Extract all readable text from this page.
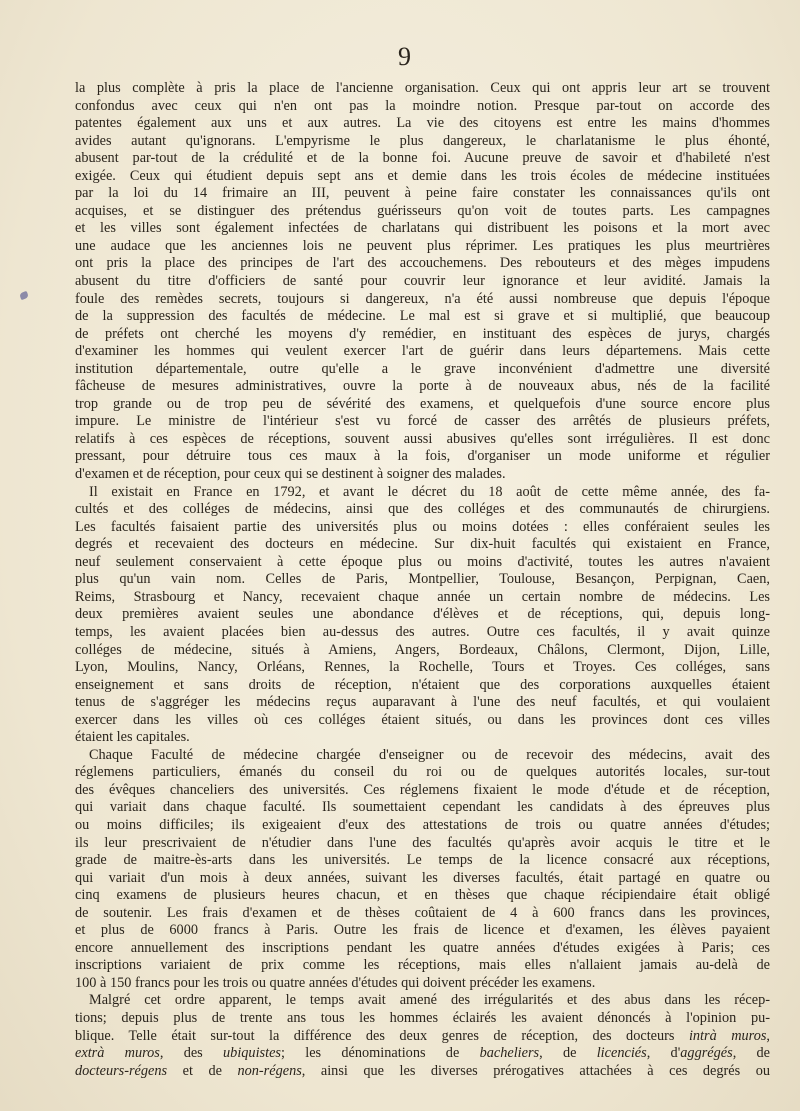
9
la plus complète à pris la place de l'ancienne organisation. Ceux qui ont appris leur art se trouvent
confondus avec ceux qui n'en ont pas la moindre notion. Presque par-tout on accorde des
patentes également aux uns et aux autres. La vie des citoyens est entre les mains d'hommes
avides autant qu'ignorans. L'empyrisme le plus dangereux, le charlatanisme le plus éhonté,
abusent par-tout de la crédulité et de la bonne foi. Aucune preuve de savoir et d'habileté n'est
exigée. Ceux qui étudient depuis sept ans et demie dans les trois écoles de médecine instituées
par la loi du 14 frimaire an III, peuvent à peine faire constater les connaissances qu'ils ont
acquises, et se distinguer des prétendus guérisseurs qu'on voit de toutes parts. Les campagnes
et les villes sont également infectées de charlatans qui distribuent les poisons et la mort avec
une audace que les anciennes lois ne peuvent plus réprimer. Les pratiques les plus meurtrières
ont pris la place des principes de l'art des accouchemens. Des rebouteurs et des mèges impudens
abusent du titre d'officiers de santé pour couvrir leur ignorance et leur avidité. Jamais la
foule des remèdes secrets, toujours si dangereux, n'a été aussi nombreuse que depuis l'époque
de la suppression des facultés de médecine. Le mal est si grave et si multiplié, que beaucoup
de préfets ont cherché les moyens d'y remédier, en instituant des espèces de jurys, chargés
d'examiner les hommes qui veulent exercer l'art de guérir dans leurs départemens. Mais cette
institution départementale, outre qu'elle a le grave inconvénient d'admettre une diversité
fâcheuse de mesures administratives, ouvre la porte à de nouveaux abus, nés de la facilité
trop grande ou de trop peu de sévérité des examens, et quelquefois d'une source encore plus
impure. Le ministre de l'intérieur s'est vu forcé de casser des arrêtés de plusieurs préfets,
relatifs à ces espèces de réceptions, souvent aussi abusives qu'elles sont irrégulières. Il est donc
pressant, pour détruire tous ces maux à la fois, d'organiser un mode uniforme et régulier
d'examen et de réception, pour ceux qui se destinent à soigner des malades.
Il existait en France en 1792, et avant le décret du 18 août de cette même année, des fa-
cultés et des colléges de médecins, ainsi que des colléges et des communautés de chirurgiens.
Les facultés faisaient partie des universités plus ou moins dotées : elles conféraient seules les
degrés et recevaient des docteurs en médecine. Sur dix-huit facultés qui existaient en France,
neuf seulement conservaient à cette époque plus ou moins d'activité, toutes les autres n'avaient
plus qu'un vain nom. Celles de Paris, Montpellier, Toulouse, Besançon, Perpignan, Caen,
Reims, Strasbourg et Nancy, recevaient chaque année un certain nombre de médecins. Les
deux premières avaient seules une abondance d'élèves et de réceptions, qui, depuis long-
temps, les avaient placées bien au-dessus des autres. Outre ces facultés, il y avait quinze
colléges de médecine, situés à Amiens, Angers, Bordeaux, Châlons, Clermont, Dijon, Lille,
Lyon, Moulins, Nancy, Orléans, Rennes, la Rochelle, Tours et Troyes. Ces colléges, sans
enseignement et sans droits de réception, n'étaient que des corporations auxquelles étaient
tenus de s'aggréger les médecins reçus auparavant à l'une des neuf facultés, et qui voulaient
exercer dans les villes où ces colléges étaient situés, ou dans les provinces dont ces villes
étaient les capitales.
Chaque Faculté de médecine chargée d'enseigner ou de recevoir des médecins, avait des
réglemens particuliers, émanés du conseil du roi ou de quelques autorités locales, sur-tout
des évêques chanceliers des universités. Ces réglemens fixaient le mode d'étude et de réception,
qui variait dans chaque faculté. Ils soumettaient cependant les candidats à des épreuves plus
ou moins difficiles; ils exigeaient d'eux des attestations de trois ou quatre années d'études;
ils leur prescrivaient de n'étudier dans l'une des facultés qu'après avoir acquis le titre et le
grade de maitre-ès-arts dans les universités. Le temps de la licence consacré aux réceptions,
qui variait d'un mois à deux années, suivant les diverses facultés, était partagé en quatre ou
cinq examens de plusieurs heures chacun, et en thèses que chaque récipiendaire était obligé
de soutenir. Les frais d'examen et de thèses coûtaient de 4 à 600 francs dans les provinces,
et plus de 6000 francs à Paris. Outre les frais de licence et d'examen, les élèves payaient
encore annuellement des inscriptions pendant les quatre années d'études exigées à Paris; ces
inscriptions variaient de prix comme les réceptions, mais elles n'allaient jamais au-delà de
100 à 150 francs pour les trois ou quatre années d'études qui doivent précéder les examens.
Malgré cet ordre apparent, le temps avait amené des irrégularités et des abus dans les récep-
tions; depuis plus de trente ans tous les hommes éclairés les avaient dénoncés à l'opinion pu-
blique. Telle était sur-tout la différence des deux genres de réception, des docteurs intrà muros,
extrà muros, des ubiquistes; les dénominations de bacheliers, de licenciés, d'aggrégés, de
docteurs-régens et de non-régens, ainsi que les diverses prérogatives attachées à ces degrés ou
